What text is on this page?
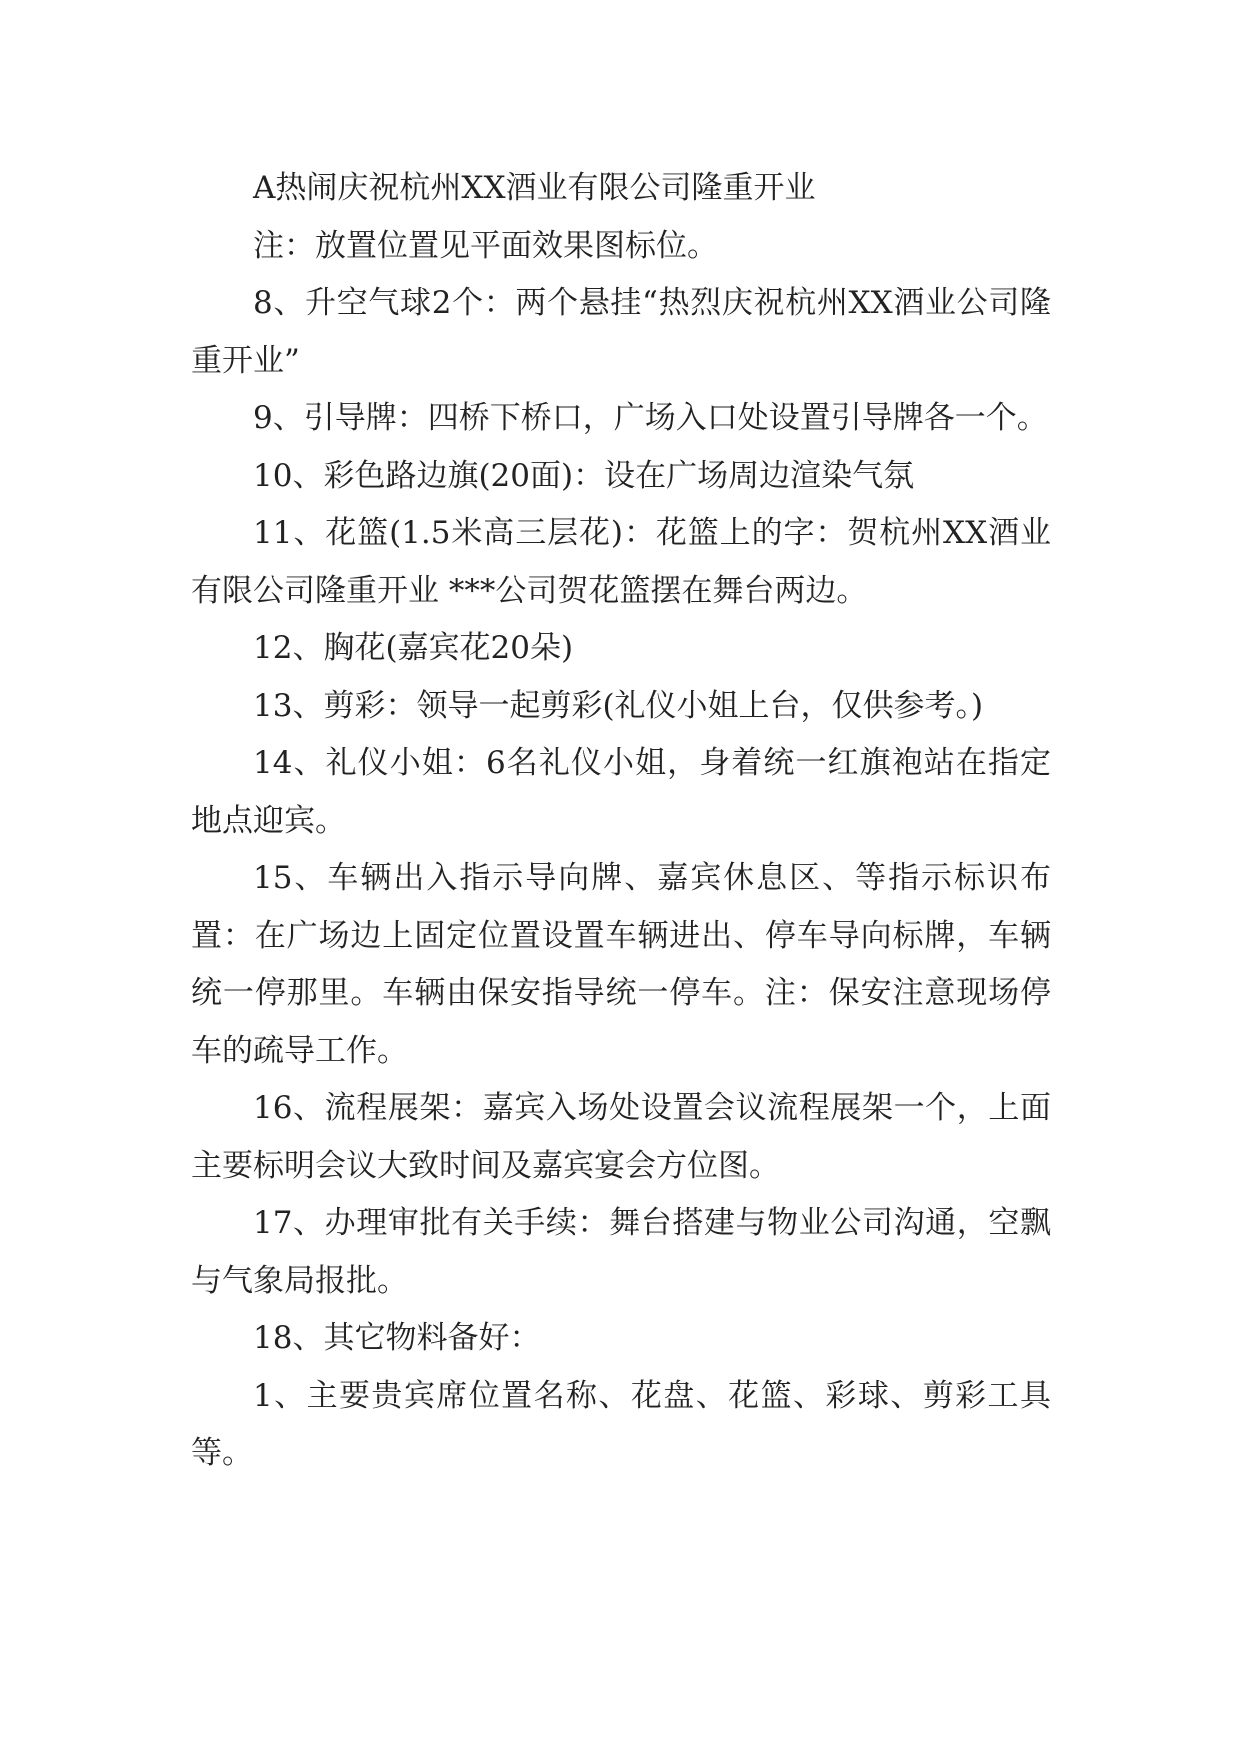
A热闹庆祝杭州XX酒业有限公司隆重开业

注：放置位置见平面效果图标位。

8、升空气球2个：两个悬挂“热烈庆祝杭州XX酒业公司隆重开业”

9、引导牌：四桥下桥口，广场入口处设置引导牌各一个。

10、彩色路边旗(20面)：设在广场周边渲染气氛

11、花篮(1.5米高三层花)：花篮上的字：贺杭州XX酒业有限公司隆重开业 ***公司贺花篮摆在舞台两边。

12、胸花(嘉宾花20朵)

13、剪彩：领导一起剪彩(礼仪小姐上台，仅供参考。)

14、礼仪小姐：6名礼仪小姐，身着统一红旗袍站在指定地点迎宾。

15、车辆出入指示导向牌、嘉宾休息区、等指示标识布置：在广场边上固定位置设置车辆进出、停车导向标牌，车辆统一停那里。车辆由保安指导统一停车。注：保安注意现场停车的疏导工作。

16、流程展架：嘉宾入场处设置会议流程展架一个，上面主要标明会议大致时间及嘉宾宴会方位图。

17、办理审批有关手续：舞台搭建与物业公司沟通，空飘与气象局报批。

18、其它物料备好：

1、主要贵宾席位置名称、花盘、花篮、彩球、剪彩工具等。
